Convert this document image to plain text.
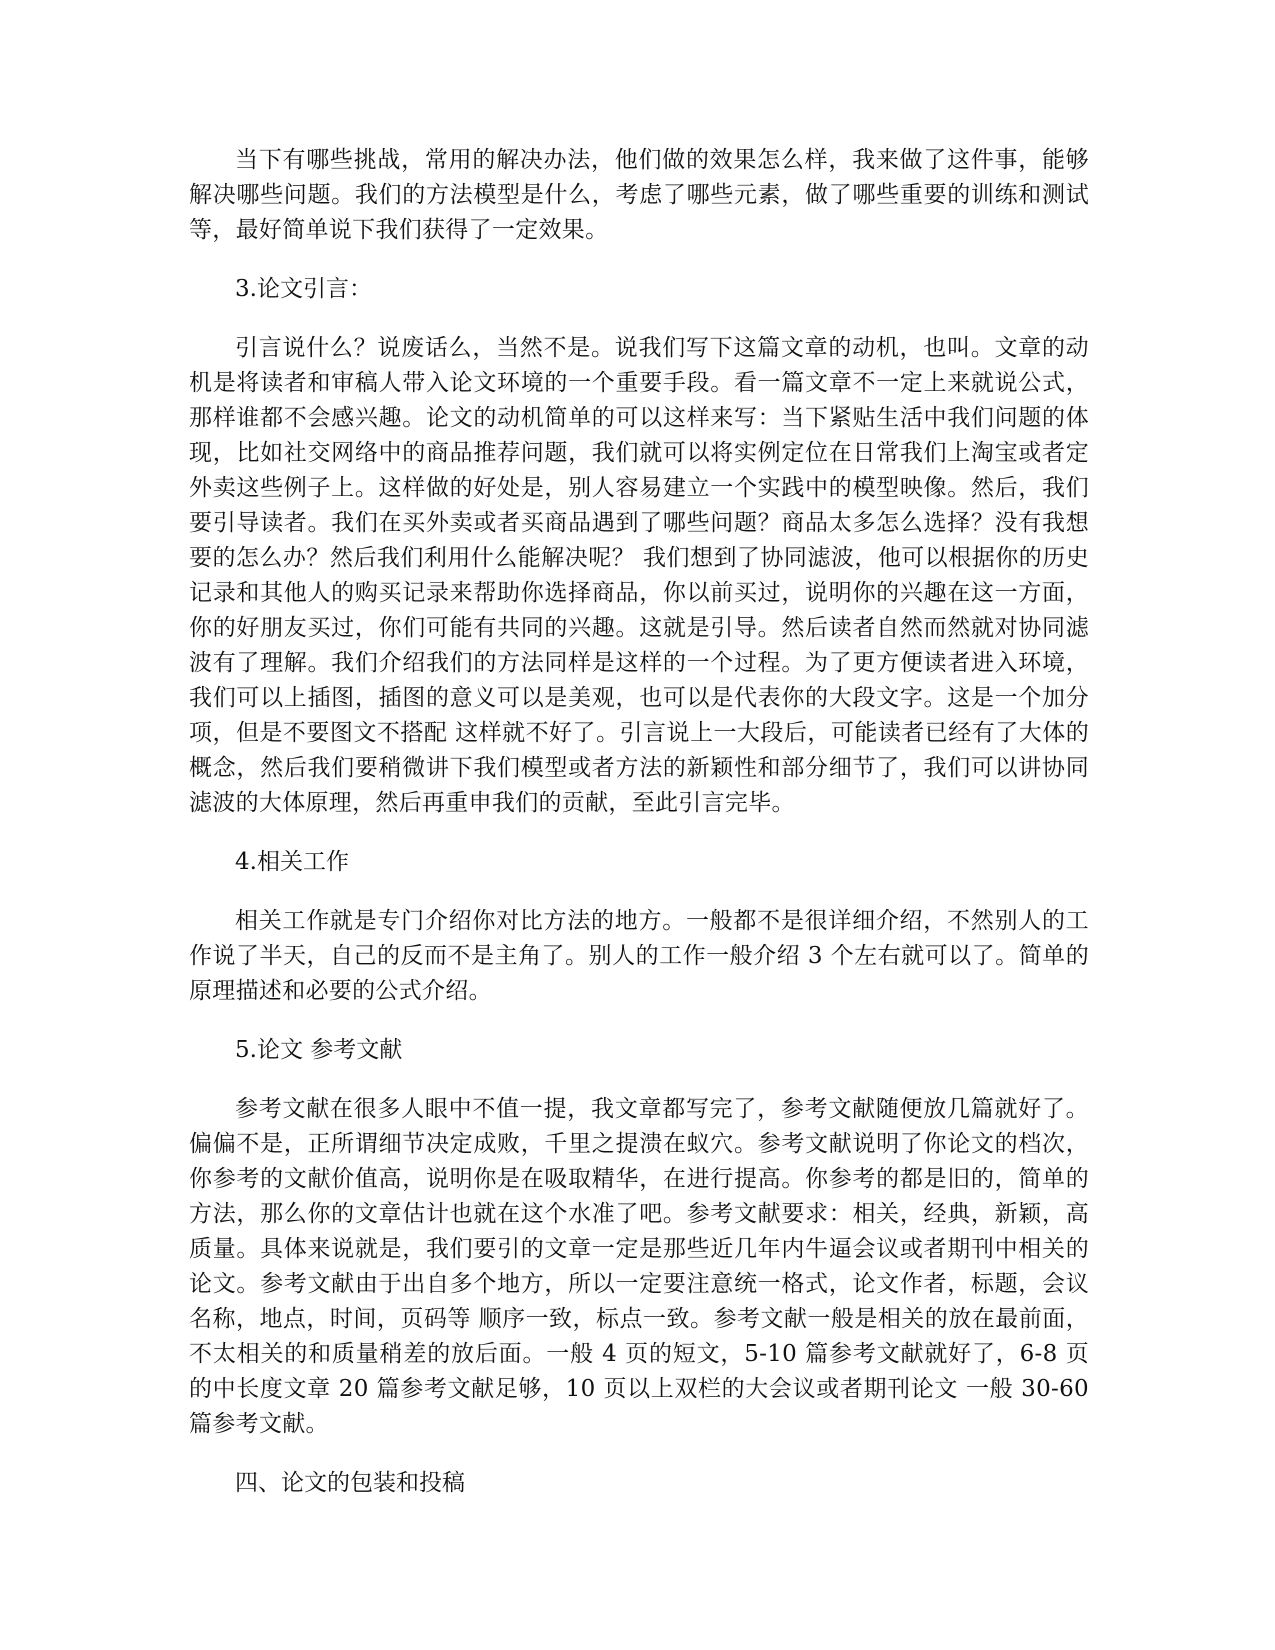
当下有哪些挑战，常用的解决办法，他们做的效果怎么样，我来做了这件事，能够解决哪些问题。我们的方法模型是什么，考虑了哪些元素，做了哪些重要的训练和测试等，最好简单说下我们获得了一定效果。

3.论文引言：

引言说什么？说废话么，当然不是。说我们写下这篇文章的动机，也叫。文章的动机是将读者和审稿人带入论文环境的一个重要手段。看一篇文章不一定上来就说公式，那样谁都不会感兴趣。论文的动机简单的可以这样来写：当下紧贴生活中我们问题的体现，比如社交网络中的商品推荐问题，我们就可以将实例定位在日常我们上淘宝或者定外卖这些例子上。这样做的好处是，别人容易建立一个实践中的模型映像。然后，我们要引导读者。我们在买外卖或者买商品遇到了哪些问题？商品太多怎么选择？没有我想要的怎么办？然后我们利用什么能解决呢？ 我们想到了协同滤波，他可以根据你的历史记录和其他人的购买记录来帮助你选择商品，你以前买过，说明你的兴趣在这一方面，你的好朋友买过，你们可能有共同的兴趣。这就是引导。然后读者自然而然就对协同滤波有了理解。我们介绍我们的方法同样是这样的一个过程。为了更方便读者进入环境，我们可以上插图，插图的意义可以是美观，也可以是代表你的大段文字。这是一个加分项，但是不要图文不搭配 这样就不好了。引言说上一大段后，可能读者已经有了大体的概念，然后我们要稍微讲下我们模型或者方法的新颖性和部分细节了，我们可以讲协同滤波的大体原理，然后再重申我们的贡献，至此引言完毕。

4.相关工作

相关工作就是专门介绍你对比方法的地方。一般都不是很详细介绍，不然别人的工作说了半天，自己的反而不是主角了。别人的工作一般介绍 3 个左右就可以了。简单的原理描述和必要的公式介绍。

5.论文 参考文献

参考文献在很多人眼中不值一提，我文章都写完了，参考文献随便放几篇就好了。偏偏不是，正所谓细节决定成败，千里之提溃在蚁穴。参考文献说明了你论文的档次，你参考的文献价值高，说明你是在吸取精华，在进行提高。你参考的都是旧的，简单的方法，那么你的文章估计也就在这个水准了吧。参考文献要求：相关，经典，新颖，高质量。具体来说就是，我们要引的文章一定是那些近几年内牛逼会议或者期刊中相关的论文。参考文献由于出自多个地方，所以一定要注意统一格式，论文作者，标题，会议名称，地点，时间，页码等 顺序一致，标点一致。参考文献一般是相关的放在最前面，不太相关的和质量稍差的放后面。一般 4 页的短文，5-10 篇参考文献就好了，6-8 页的中长度文章 20 篇参考文献足够，10 页以上双栏的大会议或者期刊论文 一般 30-60 篇参考文献。

四、论文的包装和投稿
